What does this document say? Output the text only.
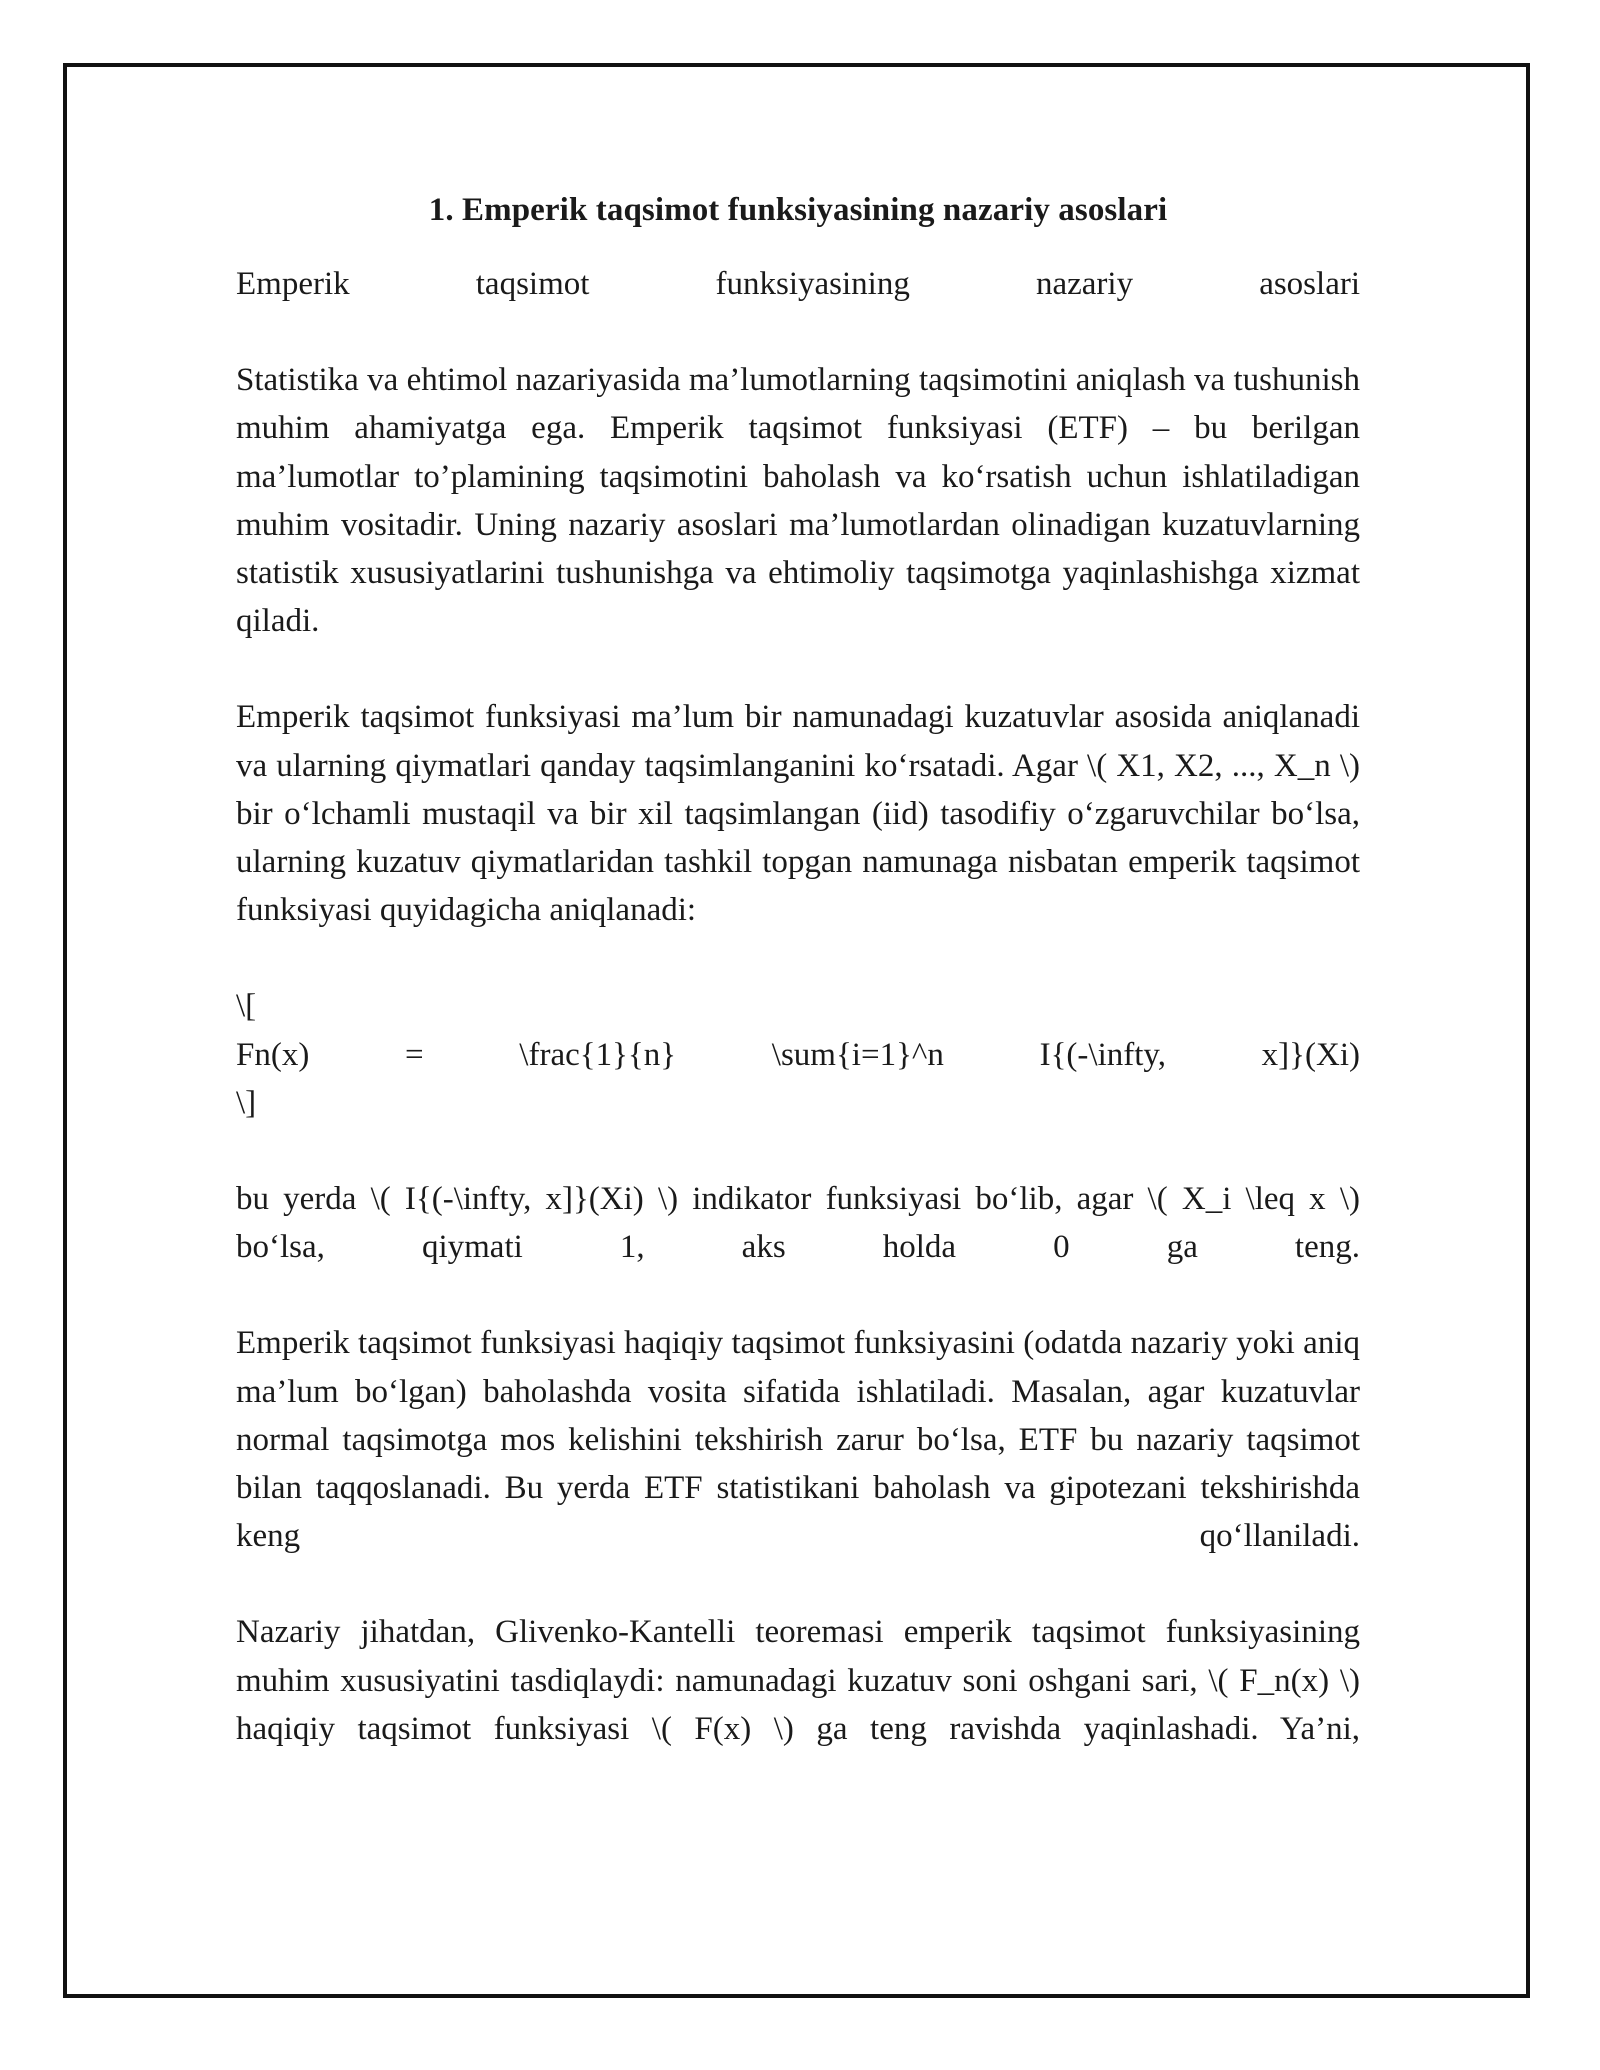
1. Emperik taqsimot funksiyasining nazariy asoslari

Emperik taqsimot funksiyasining nazariy asoslari

Statistika va ehtimol nazariyasida ma’lumotlarning taqsimotini aniqlash va tushunish muhim ahamiyatga ega. Emperik taqsimot funksiyasi (ETF) – bu berilgan ma’lumotlar to’plamining taqsimotini baholash va ko‘rsatish uchun ishlatiladigan muhim vositadir. Uning nazariy asoslari ma’lumotlardan olinadigan kuzatuvlarning statistik xususiyatlarini tushunishga va ehtimoliy taqsimotga yaqinlashishga xizmat qiladi.

Emperik taqsimot funksiyasi ma’lum bir namunadagi kuzatuvlar asosida aniqlanadi va ularning qiymatlari qanday taqsimlanganini ko‘rsatadi. Agar \( X1, X2, ..., X_n \) bir o‘lchamli mustaqil va bir xil taqsimlangan (iid) tasodifiy o‘zgaruvchilar bo‘lsa, ularning kuzatuv qiymatlaridan tashkil topgan namunaga nisbatan emperik taqsimot funksiyasi quyidagicha aniqlanadi:

\[
Fn(x) = \frac{1}{n} \sum{i=1}^n I{(-\infty, x]}(Xi)
\]

bu yerda \( I{(-\infty, x]}(Xi) \) indikator funksiyasi bo‘lib, agar \( X_i \leq x \) bo‘lsa, qiymati 1, aks holda 0 ga teng.

Emperik taqsimot funksiyasi haqiqiy taqsimot funksiyasini (odatda nazariy yoki aniq ma’lum bo‘lgan) baholashda vosita sifatida ishlatiladi. Masalan, agar kuzatuvlar normal taqsimotga mos kelishini tekshirish zarur bo‘lsa, ETF bu nazariy taqsimot bilan taqqoslanadi. Bu yerda ETF statistikani baholash va gipotezani tekshirishda keng qo‘llaniladi.

Nazariy jihatdan, Glivenko-Kantelli teoremasi emperik taqsimot funksiyasining muhim xususiyatini tasdiqlaydi: namunadagi kuzatuv soni oshgani sari, \( F_n(x) \) haqiqiy taqsimot funksiyasi \( F(x) \) ga teng ravishda yaqinlashadi. Ya’ni,
